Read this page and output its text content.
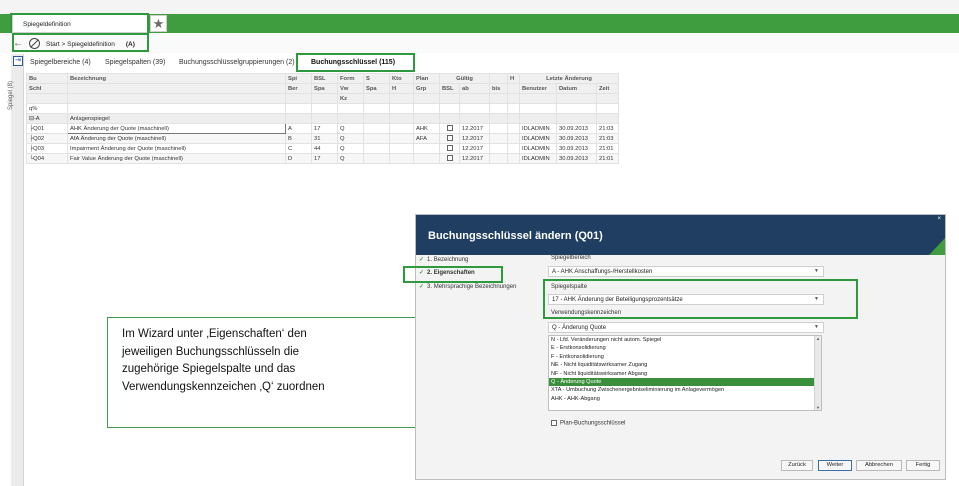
Spiegeldefinition	★
←	Start > Spiegeldefinition (A)
⇥
Spiegel (8)
Spiegelbereiche (4) Spiegelspalten (39) Buchungsschlüsselgruppierungen (2) Buchungsschlüssel (115)
Bu	Bezeichnung	Spi	BSL	Form	S	Kto	Plan	Gültig			H	Letzte Änderung		
Schl		Ber	Spa	Vw	Spa	H	Grp	BSL	ab	bis		Benutzer	Datum	Zeit
				Kz										
q%														
⊟-A	Anlagenspiegel													
├Q01	AHK Änderung der Quote (maschinell)	A	17	Q			AHK		12.2017			IDLADMIN	30.09.2013	21:03
├Q02	AfA Änderung der Quote (maschinell)	B	31	Q			AFA		12.2017			IDLADMIN	30.09.2013	21:03
├Q03	Impairment Änderung der Quote (maschinell)	C	44	Q					12.2017			IDLADMIN	30.09.2013	21:01
└Q04	Fair Value Änderung der Quote (maschinell)	D	17	Q					12.2017			IDLADMIN	30.09.2013	21:01
Im Wizard unter ‚Eigenschaften‘ den
jeweiligen Buchungsschlüsseln die
zugehörige Spiegelspalte und das
Verwendungskennzeichen ‚Q‘ zuordnen
Buchungsschlüssel ändern (Q01)
×
✓ 1. Bezeichnung
✓ 2. Eigenschaften
✓ 3. Mehrsprachige Bezeichnungen
Spiegelbereich
A - AHK Anschaffungs-/Herstellkosten	▼
Spiegelspalte
17 - AHK Änderung der Beteiligungsprozentsätze	▼
Verwendungskennzeichen
Q - Änderung Quote	▼
N - Lfd. Veränderungen nicht autom. Spiegel
E - Erstkonsolidierung
F - Entkonsolidierung
NE - Nicht liquiditätswirksamer Zugang
NF - Nicht liquiditätswirksamer Abgang
Q - Änderung Quote
XTA - Umbuchung Zwischenergebniseliminierung im Anlagevermögen
AHK - AHK-Abgang
▲
▼
Plan-Buchungsschlüssel
Zurück	Weiter	Abbrechen	Fertig
